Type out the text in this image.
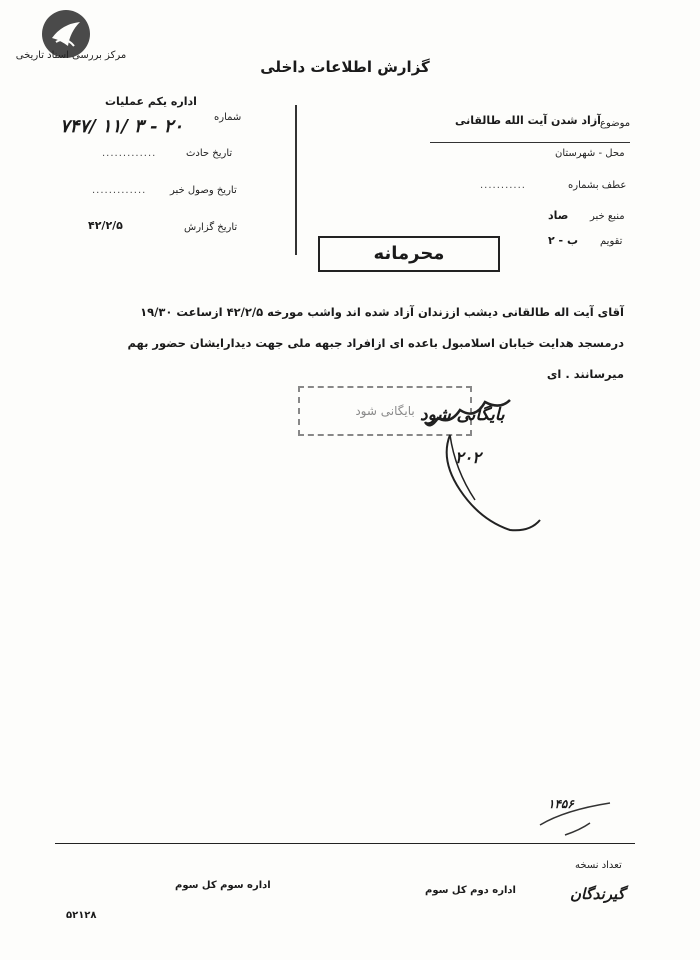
مرکز بررسی اسناد تاریخی
گزارش اطلاعات داخلی
شماره
اداره یکم عملیات
۷۴۷/ ۱۱/ ۳ - ۲۰
تاریخ حادث
.............
تاریخ وصول خبر
.............
تاریخ گزارش
۴۲/۲/۵
موضوع
آزاد شدن آیت الله طالقانی
محل - شهرستان
عطف بشماره
...........
منبع خبر
صاد
تقویم
ب - ۲
محرمانه
آقای آیت اله طالقانی دیشب اززندان آزاد شده اند واشب مورخه ۴۲/۲/۵ ازساعت ۱۹/۳۰
درمسجد هدایت خیابان اسلامبول باعده ای ازافراد جبهه ملی جهت دیدارایشان حضور بهم
میرسانند . ای
بایگانی شود بایگانی شود
۲۰۲
۱۴۵۶
تعداد نسخه
گیرندگان
اداره دوم کل سوم
اداره سوم کل سوم
۵۲۱۲۸
